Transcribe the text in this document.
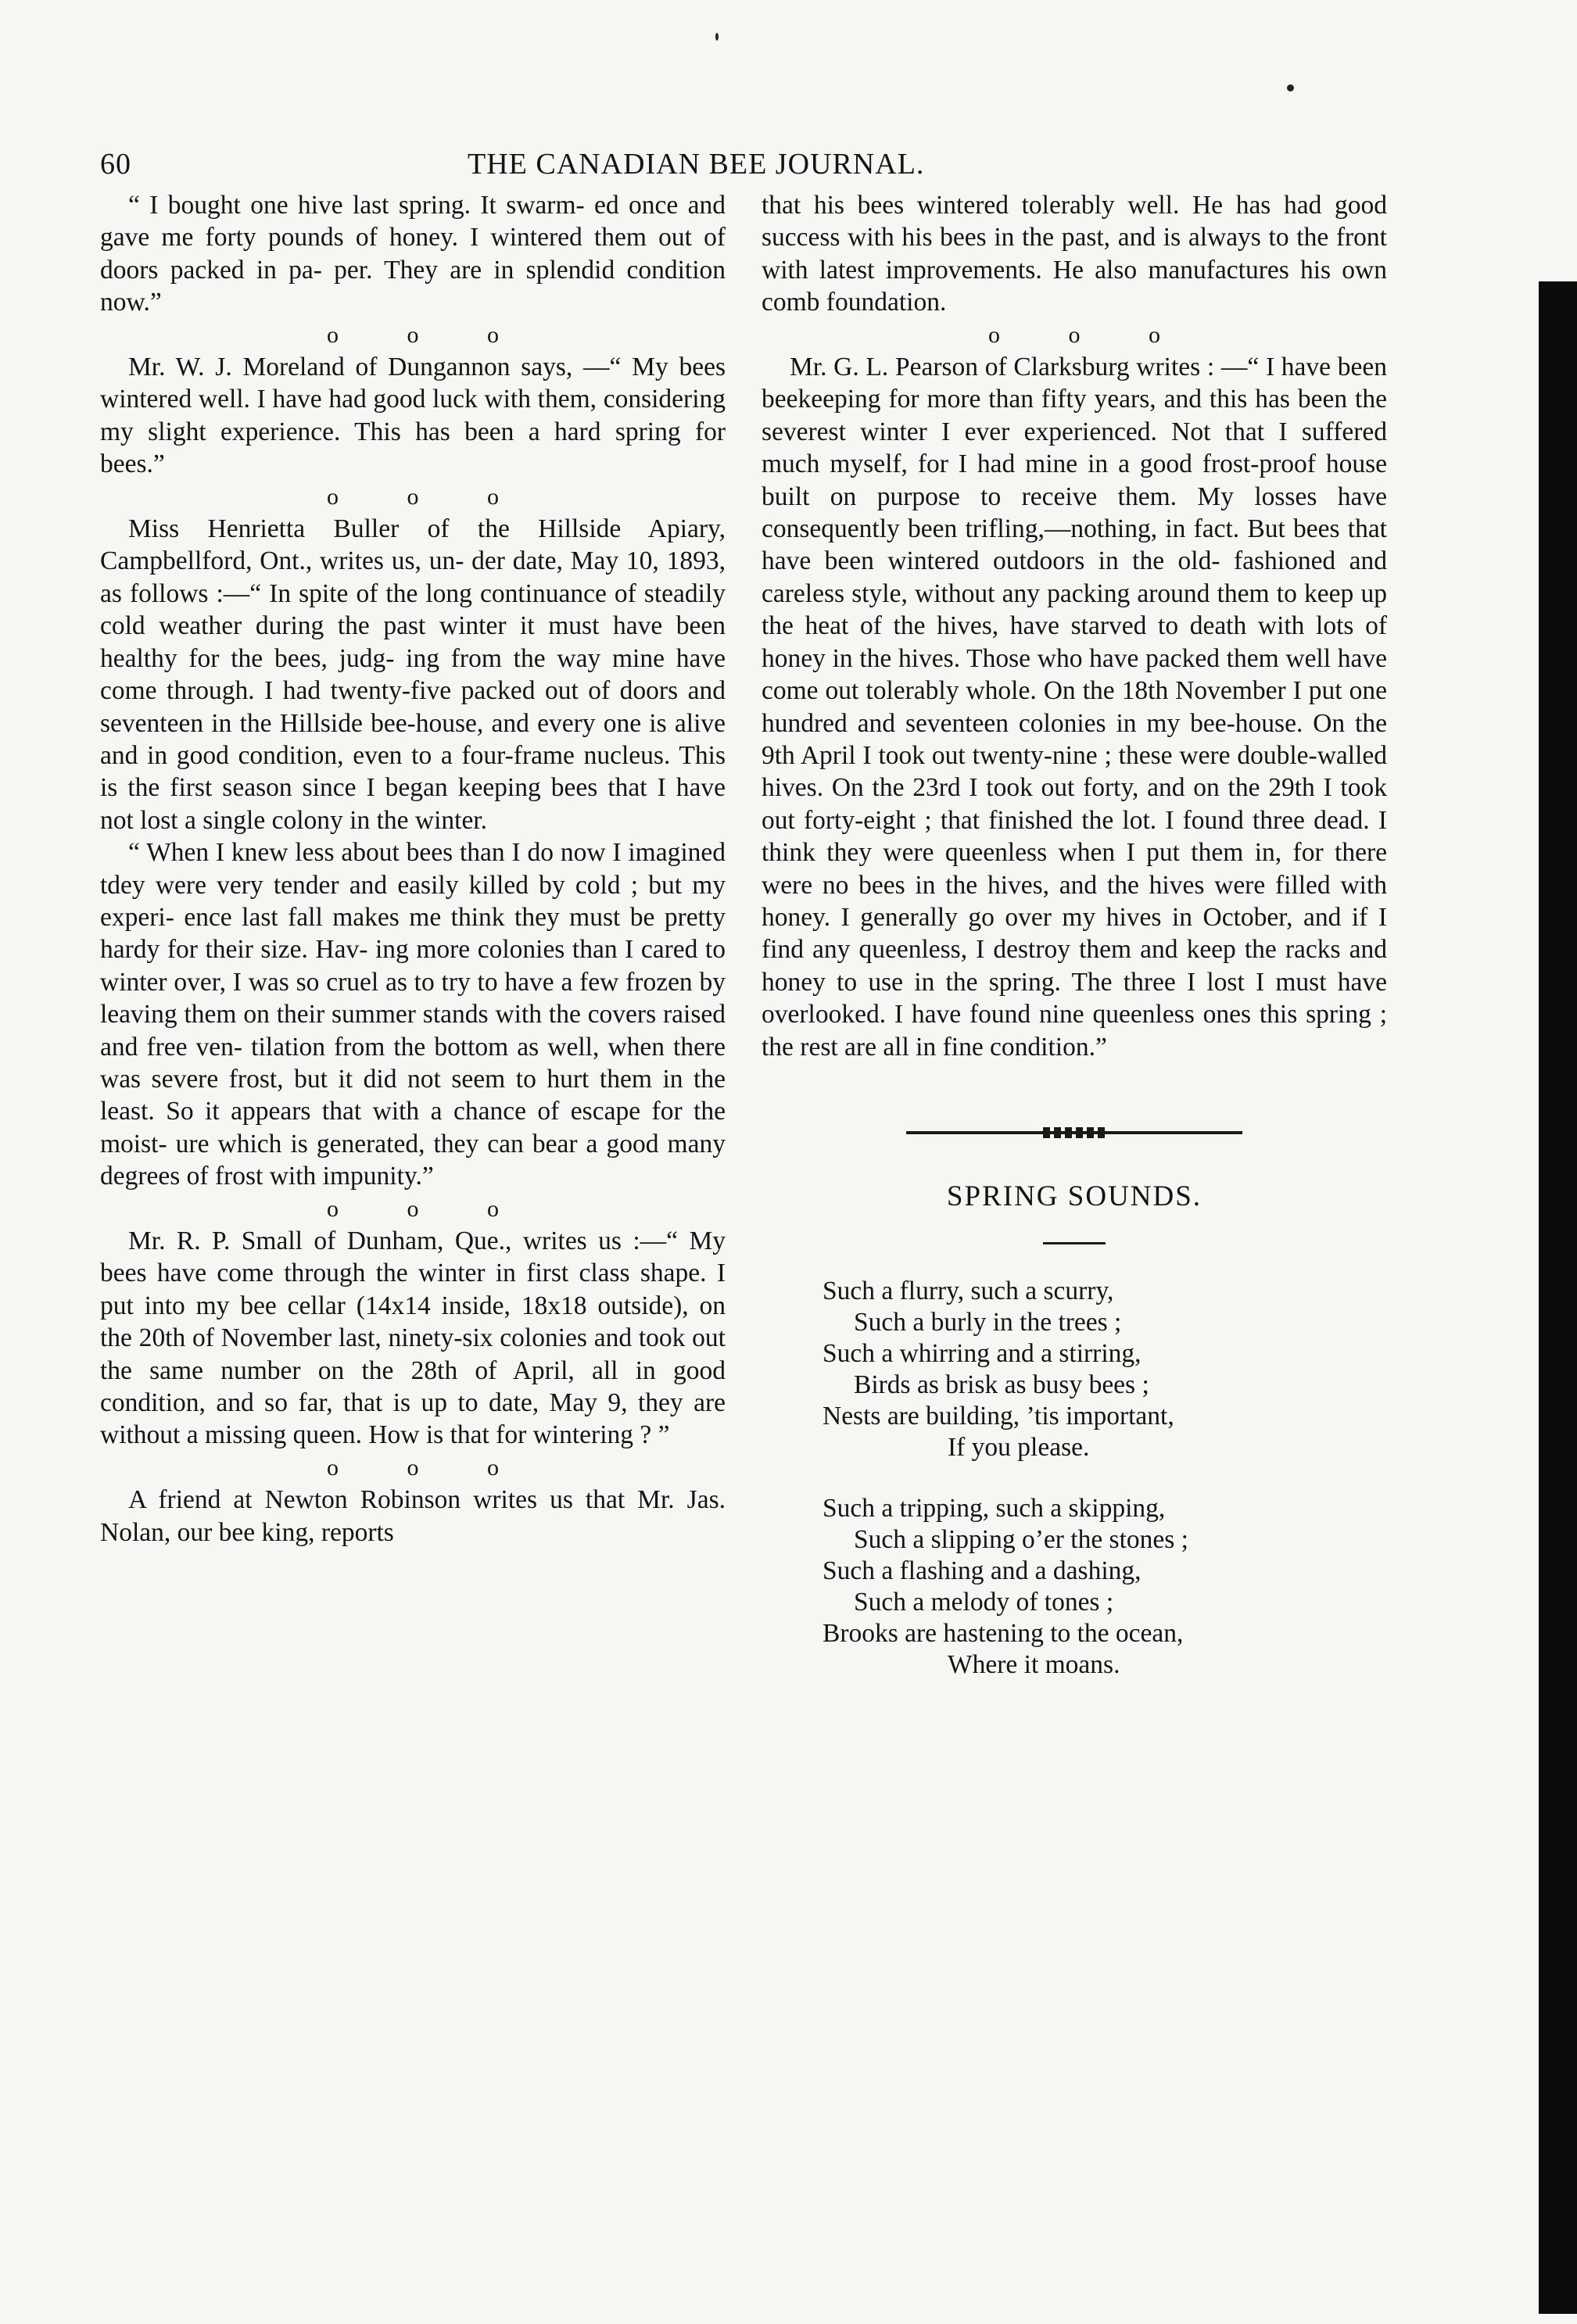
60	THE CANADIAN BEE JOURNAL.

“ I bought one hive last spring. It swarm- ed once and gave me forty pounds of honey. I wintered them out of doors packed in pa- per. They are in splendid condition now.”

o o o

Mr. W. J. Moreland of Dungannon says, —“ My bees wintered well. I have had good luck with them, considering my slight experience. This has been a hard spring for bees.”

o o o

Miss Henrietta Buller of the Hillside Apiary, Campbellford, Ont., writes us, un- der date, May 10, 1893, as follows :—“ In spite of the long continuance of steadily cold weather during the past winter it must have been healthy for the bees, judg- ing from the way mine have come through. I had twenty-five packed out of doors and seventeen in the Hillside bee-house, and every one is alive and in good condition, even to a four-frame nucleus. This is the first season since I began keeping bees that I have not lost a single colony in the winter.

“ When I knew less about bees than I do now I imagined tdey were very tender and easily killed by cold ; but my experi- ence last fall makes me think they must be pretty hardy for their size. Hav- ing more colonies than I cared to winter over, I was so cruel as to try to have a few frozen by leaving them on their summer stands with the covers raised and free ven- tilation from the bottom as well, when there was severe frost, but it did not seem to hurt them in the least. So it appears that with a chance of escape for the moist- ure which is generated, they can bear a good many degrees of frost with impunity.”

o o o

Mr. R. P. Small of Dunham, Que., writes us :—“ My bees have come through the winter in first class shape. I put into my bee cellar (14x14 inside, 18x18 outside), on the 20th of November last, ninety-six colonies and took out the same number on the 28th of April, all in good condition, and so far, that is up to date, May 9, they are without a missing queen. How is that for wintering ? ”

o o o

A friend at Newton Robinson writes us that Mr. Jas. Nolan, our bee king, reports

that his bees wintered tolerably well. He has had good success with his bees in the past, and is always to the front with latest improvements. He also manufactures his own comb foundation.

o o o

Mr. G. L. Pearson of Clarksburg writes : —“ I have been beekeeping for more than fifty years, and this has been the severest winter I ever experienced. Not that I suffered much myself, for I had mine in a good frost-proof house built on purpose to receive them. My losses have consequently been trifling,—nothing, in fact. But bees that have been wintered outdoors in the old- fashioned and careless style, without any packing around them to keep up the heat of the hives, have starved to death with lots of honey in the hives. Those who have packed them well have come out tolerably whole. On the 18th November I put one hundred and seventeen colonies in my bee-house. On the 9th April I took out twenty-nine ; these were double-walled hives. On the 23rd I took out forty, and on the 29th I took out forty-eight ; that finished the lot. I found three dead. I think they were queenless when I put them in, for there were no bees in the hives, and the hives were filled with honey. I generally go over my hives in October, and if I find any queenless, I destroy them and keep the racks and honey to use in the spring. The three I lost I must have overlooked. I have found nine queenless ones this spring ; the rest are all in fine condition.”

SPRING SOUNDS.
Such a flurry, such a scurry,
Such a burly in the trees ;
Such a whirring and a stirring,
Birds as brisk as busy bees ;
Nests are building, ’tis important,
If you please.
Such a tripping, such a skipping,
Such a slipping o’er the stones ;
Such a flashing and a dashing,
Such a melody of tones ;
Brooks are hastening to the ocean,
Where it moans.
